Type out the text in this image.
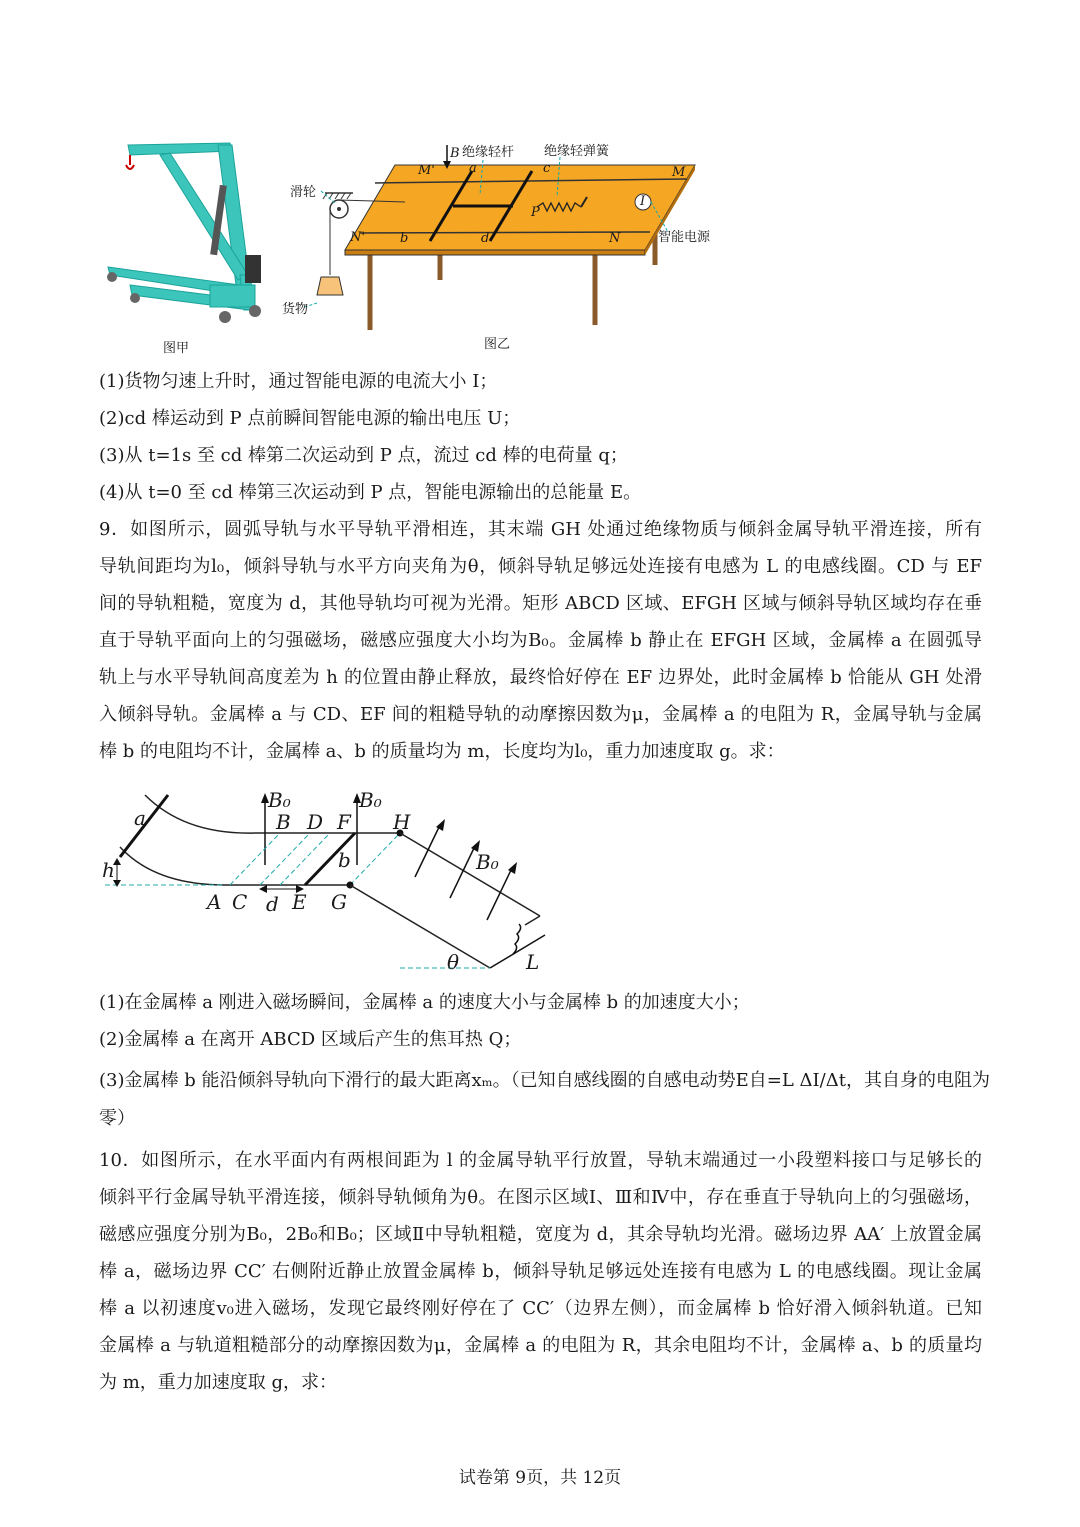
图甲
B 绝缘轻杆 绝缘轻弹簧
滑轮
货物
智能电源
M'	a	c	M
P
I
N'	b	d	N
图乙
(1)货物匀速上升时，通过智能电源的电流大小 I；
(2)cd 棒运动到 P 点前瞬间智能电源的输出电压 U；
(3)从 t=1s 至 cd 棒第二次运动到 P 点，流过 cd 棒的电荷量 q；
(4)从 t=0 至 cd 棒第三次运动到 P 点，智能电源输出的总能量 E。
9．如图所示，圆弧导轨与水平导轨平滑相连，其末端 GH 处通过绝缘物质与倾斜金属导轨平滑连接，所有
导轨间距均为l₀，倾斜导轨与水平方向夹角为θ，倾斜导轨足够远处连接有电感为 L 的电感线圈。CD 与 EF
间的导轨粗糙，宽度为 d，其他导轨均可视为光滑。矩形 ABCD 区域、EFGH 区域与倾斜导轨区域均存在垂
直于导轨平面向上的匀强磁场，磁感应强度大小均为B₀。金属棒 b 静止在 EFGH 区域，金属棒 a 在圆弧导
轨上与水平导轨间高度差为 h 的位置由静止释放，最终恰好停在 EF 边界处，此时金属棒 b 恰能从 GH 处滑
入倾斜导轨。金属棒 a 与 CD、EF 间的粗糙导轨的动摩擦因数为μ，金属棒 a 的电阻为 R，金属导轨与金属
棒 b 的电阻均不计，金属棒 a、b 的质量均为 m，长度均为l₀，重力加速度取 g。求：
a
h
B₀	B₀
B₀
B D F H
b
A C d E G
θ	L
(1)在金属棒 a 刚进入磁场瞬间，金属棒 a 的速度大小与金属棒 b 的加速度大小；
(2)金属棒 a 在离开 ABCD 区域后产生的焦耳热 Q；
(3)金属棒 b 能沿倾斜导轨向下滑行的最大距离xₘ。（已知自感线圈的自感电动势E自=L ΔI/Δt，其自身的电阻为
零）
10．如图所示，在水平面内有两根间距为 l 的金属导轨平行放置，导轨末端通过一小段塑料接口与足够长的
倾斜平行金属导轨平滑连接，倾斜导轨倾角为θ。在图示区域Ⅰ、Ⅲ和Ⅳ中，存在垂直于导轨向上的匀强磁场，
磁感应强度分别为B₀，2B₀和B₀；区域Ⅱ中导轨粗糙，宽度为 d，其余导轨均光滑。磁场边界 AA′ 上放置金属
棒 a，磁场边界 CC′ 右侧附近静止放置金属棒 b，倾斜导轨足够远处连接有电感为 L 的电感线圈。现让金属
棒 a 以初速度v₀进入磁场，发现它最终刚好停在了 CC′（边界左侧），而金属棒 b 恰好滑入倾斜轨道。已知
金属棒 a 与轨道粗糙部分的动摩擦因数为μ，金属棒 a 的电阻为 R，其余电阻均不计，金属棒 a、b 的质量均
为 m，重力加速度取 g，求：
试卷第 9页，共 12页
